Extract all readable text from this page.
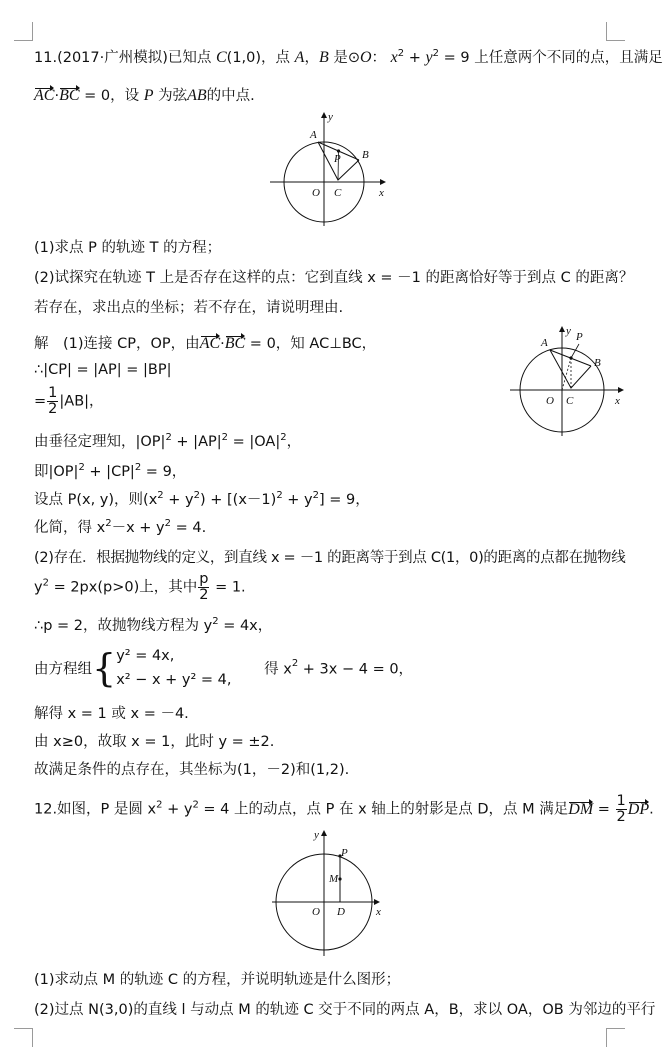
11.(2017·广州模拟)已知点 C(1,0)，点 A，B 是⊙O： $x^2 + y^2 = 9$ 上任意两个不同的点，且满足
AC·BC = 0，设 P 为弦AB的中点.
A
B
P
O C	x
y
(1)求点 P 的轨迹 T 的方程；
(2)试探究在轨迹 T 上是否存在这样的点：它到直线 x = －1 的距离恰好等于到点 C 的距离？
若存在，求出点的坐标；若不存在，请说明理由.
解　(1)连接 CP，OP，由AC·BC = 0，知 AC⊥BC，
∴|CP| = |AP| = |BP|
= $\frac{1}{2} |AB|$，
由垂径定理知，$|OP|^2 + |AP|^2 = |OA|^2$，
即$|OP|^2 + |CP|^2 = 9$，
设点 P(x, y)，则$(x^2 + y^2) + [(x-1)^2 + y^2] = 9$，
化简，得 $x^2-x + y^2 = 4$.
A
B
P
O C	x
y
(2)存在．根据抛物线的定义，到直线 x = －1 的距离等于到点 C(1，0)的距离的点都在抛物线
$y^2 = 2px(p>0)$上，其中 $\frac{p}{2} = 1$.
∴p = 2，故抛物线方程为 $y^2 = 4x$，
由方程组{ y² = 4x,
x² − x + y² = 4,
得 $x^2 + 3x - 4 = 0$，
解得 x = 1 或 x = －4.
由 x≥0，故取 x = 1，此时 y = ±2.
故满足条件的点存在，其坐标为(1，－2)和(1,2).
12.如图，P 是圆 $x^2 + y^2 = 4$ 上的动点，点 P 在 x 轴上的射影是点 D，点 M 满足DM = $\frac{1}{2}$ DP.
P
M
O D	x
y
(1)求动点 M 的轨迹 C 的方程，并说明轨迹是什么图形；
(2)过点 N(3,0)的直线 l 与动点 M 的轨迹 C 交于不同的两点 A，B，求以 OA，OB 为邻边的平行
